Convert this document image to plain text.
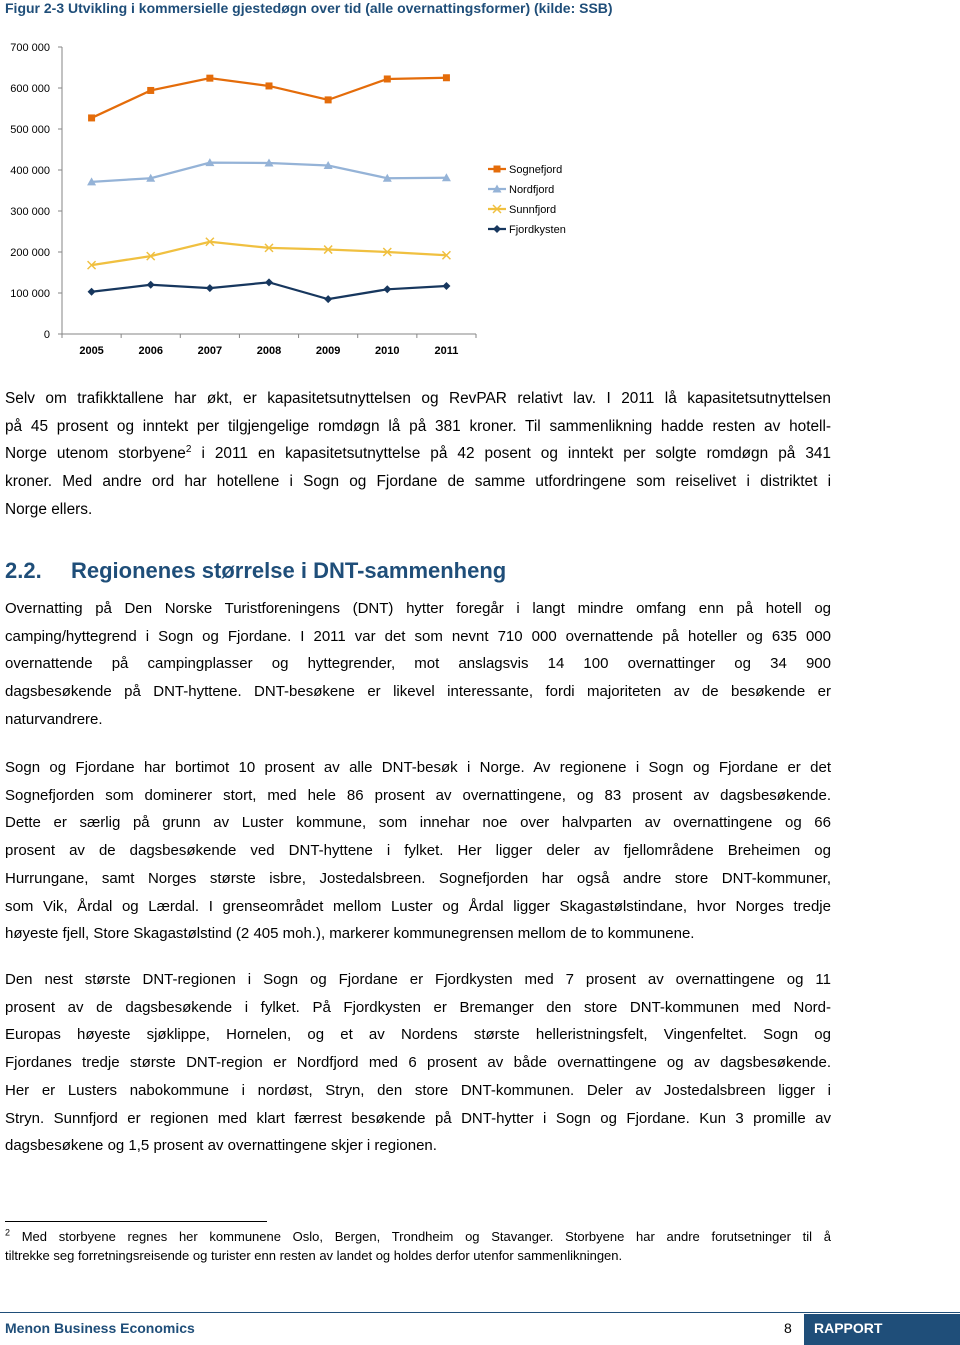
Figur 2-3 Utvikling i kommersielle gjestedøgn over tid (alle overnattingsformer) (kilde: SSB)
0
100 000
200 000
300 000
400 000
500 000
600 000
700 000
2005	2006	2007	2008	2009	2010	2011
Sognefjord
Nordfjord
Sunnfjord
Fjordkysten
Selv om trafikktallene har økt, er kapasitetsutnyttelsen og RevPAR relativt lav. I 2011 lå kapasitetsutnyttelsen
på 45 prosent og inntekt per tilgjengelige romdøgn lå på 381 kroner. Til sammenlikning hadde resten av hotell-
Norge utenom storbyene$^2$ i 2011 en kapasitetsutnyttelse på 42 posent og inntekt per solgte romdøgn på 341
kroner. Med andre ord har hotellene i Sogn og Fjordane de samme utfordringene som reiselivet i distriktet i
Norge ellers.
2.2. Regionenes størrelse i DNT-sammenheng
Overnatting på Den Norske Turistforeningens (DNT) hytter foregår i langt mindre omfang enn på hotell og
camping/hyttegrend i Sogn og Fjordane. I 2011 var det som nevnt 710 000 overnattende på hoteller og 635 000
overnattende på campingplasser og hyttegrender, mot anslagsvis 14 100 overnattinger og 34 900
dagsbesøkende på DNT-hyttene. DNT-besøkene er likevel interessante, fordi majoriteten av de besøkende er
naturvandrere.
Sogn og Fjordane har bortimot 10 prosent av alle DNT-besøk i Norge. Av regionene i Sogn og Fjordane er det
Sognefjorden som dominerer stort, med hele 86 prosent av overnattingene, og 83 prosent av dagsbesøkende.
Dette er særlig på grunn av Luster kommune, som innehar noe over halvparten av overnattingene og 66
prosent av de dagsbesøkende ved DNT-hyttene i fylket. Her ligger deler av fjellområdene Breheimen og
Hurrungane, samt Norges største isbre, Jostedalsbreen. Sognefjorden har også andre store DNT-kommuner,
som Vik, Årdal og Lærdal. I grenseområdet mellom Luster og Årdal ligger Skagastølstindane, hvor Norges tredje
høyeste fjell, Store Skagastølstind (2 405 moh.), markerer kommunegrensen mellom de to kommunene.
Den nest største DNT-regionen i Sogn og Fjordane er Fjordkysten med 7 prosent av overnattingene og 11
prosent av de dagsbesøkende i fylket. På Fjordkysten er Bremanger den store DNT-kommunen med Nord-
Europas høyeste sjøklippe, Hornelen, og et av Nordens største helleristningsfelt, Vingenfeltet. Sogn og
Fjordanes tredje største DNT-region er Nordfjord med 6 prosent av både overnattingene og av dagsbesøkende.
Her er Lusters nabokommune i nordøst, Stryn, den store DNT-kommunen. Deler av Jostedalsbreen ligger i
Stryn. Sunnfjord er regionen med klart færrest besøkende på DNT-hytter i Sogn og Fjordane. Kun 3 promille av
dagsbesøkene og 1,5 prosent av overnattingene skjer i regionen.
$^2$ Med storbyene regnes her kommunene Oslo, Bergen, Trondheim og Stavanger. Storbyene har andre forutsetninger til å
tiltrekke seg forretningsreisende og turister enn resten av landet og holdes derfor utenfor sammenlikningen.
Menon Business Economics	8 RAPPORT
